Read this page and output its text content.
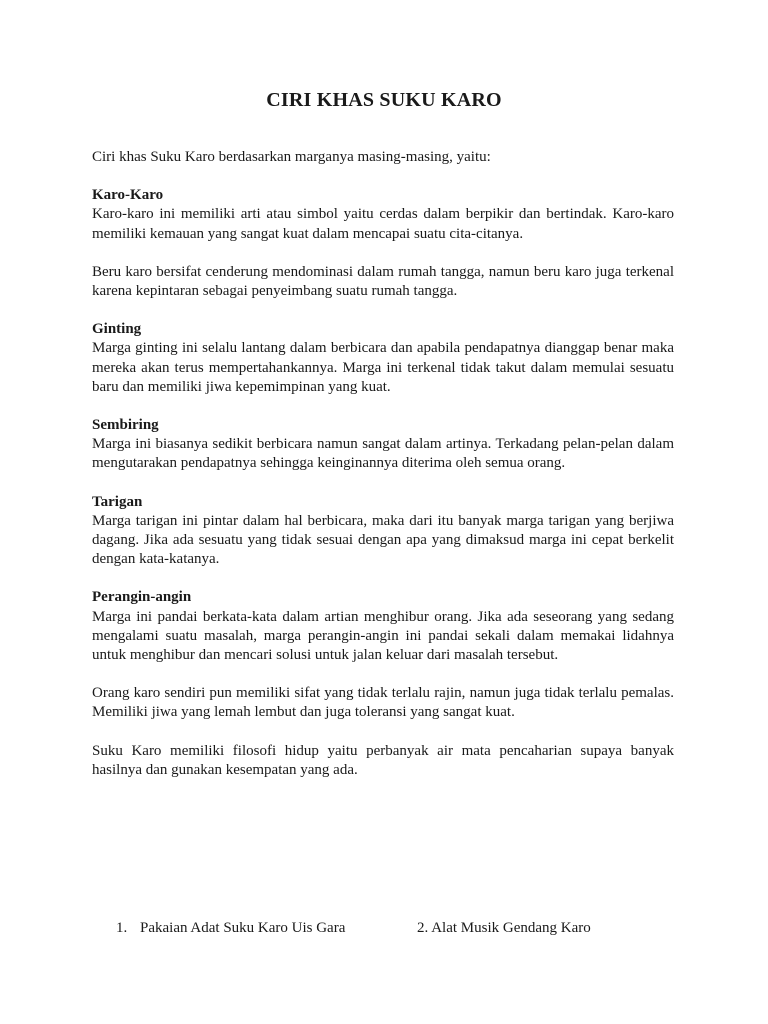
CIRI KHAS SUKU KARO

Ciri khas Suku Karo berdasarkan marganya masing-masing, yaitu:

Karo-Karo

Karo-karo ini memiliki arti atau simbol yaitu cerdas dalam berpikir dan bertindak. Karo-karo memiliki kemauan yang sangat kuat dalam mencapai suatu cita-citanya.

Beru karo bersifat cenderung mendominasi dalam rumah tangga, namun beru karo juga terkenal karena kepintaran sebagai penyeimbang suatu rumah tangga.

Ginting

Marga ginting ini selalu lantang dalam berbicara dan apabila pendapatnya dianggap benar maka mereka akan terus mempertahankannya. Marga ini terkenal tidak takut dalam memulai sesuatu baru dan memiliki jiwa kepemimpinan yang kuat.

Sembiring

Marga ini biasanya sedikit berbicara namun sangat dalam artinya. Terkadang pelan-pelan dalam mengutarakan pendapatnya sehingga keinginannya diterima oleh semua orang.

Tarigan

Marga tarigan ini pintar dalam hal berbicara, maka dari itu banyak marga tarigan yang berjiwa dagang. Jika ada sesuatu yang tidak sesuai dengan apa yang dimaksud marga ini cepat berkelit dengan kata-katanya.

Perangin-angin

Marga ini pandai berkata-kata dalam artian menghibur orang. Jika ada seseorang yang sedang mengalami suatu masalah, marga perangin-angin ini pandai sekali dalam memakai lidahnya untuk menghibur dan mencari solusi untuk jalan keluar dari masalah tersebut.

Orang karo sendiri pun memiliki sifat yang tidak terlalu rajin, namun juga tidak terlalu pemalas. Memiliki jiwa yang lemah lembut dan juga toleransi yang sangat kuat.

Suku Karo memiliki filosofi hidup yaitu perbanyak air mata pencaharian supaya banyak hasilnya dan gunakan kesempatan yang ada.

1. Pakaian Adat Suku Karo Uis Gara	2. Alat Musik Gendang Karo
